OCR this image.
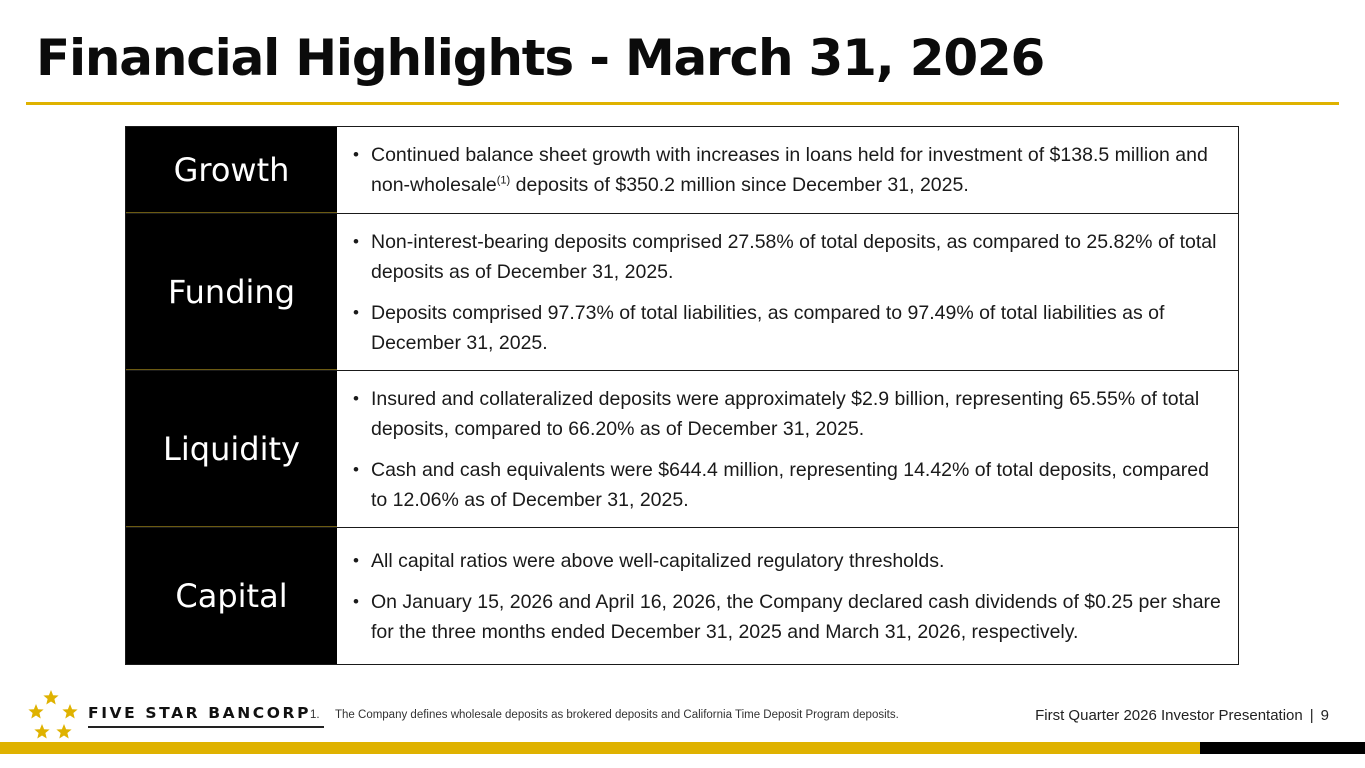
Financial Highlights - March 31, 2026
Growth	• Continued balance sheet growth with increases in loans held for investment of $138.5 million and non-wholesale$^{(1)}$ deposits of $350.2 million since December 31, 2025.
Funding
• Non-interest-bearing deposits comprised 27.58% of total deposits, as compared to 25.82% of total deposits as of December 31, 2025.
• Deposits comprised 97.73% of total liabilities, as compared to 97.49% of total liabilities as of December 31, 2025.
Liquidity
• Insured and collateralized deposits were approximately $2.9 billion, representing 65.55% of total deposits, compared to 66.20% as of December 31, 2025.
• Cash and cash equivalents were $644.4 million, representing 14.42% of total deposits, compared to 12.06% as of December 31, 2025.
Capital
• All capital ratios were above well-capitalized regulatory thresholds.
• On January 15, 2026 and April 16, 2026, the Company declared cash dividends of $0.25 per share for the three months ended December 31, 2025 and March 31, 2026, respectively.
FIVE STAR BANCORP
1. The Company defines wholesale deposits as brokered deposits and California Time Deposit Program deposits.	First Quarter 2026 Investor Presentation | 9
